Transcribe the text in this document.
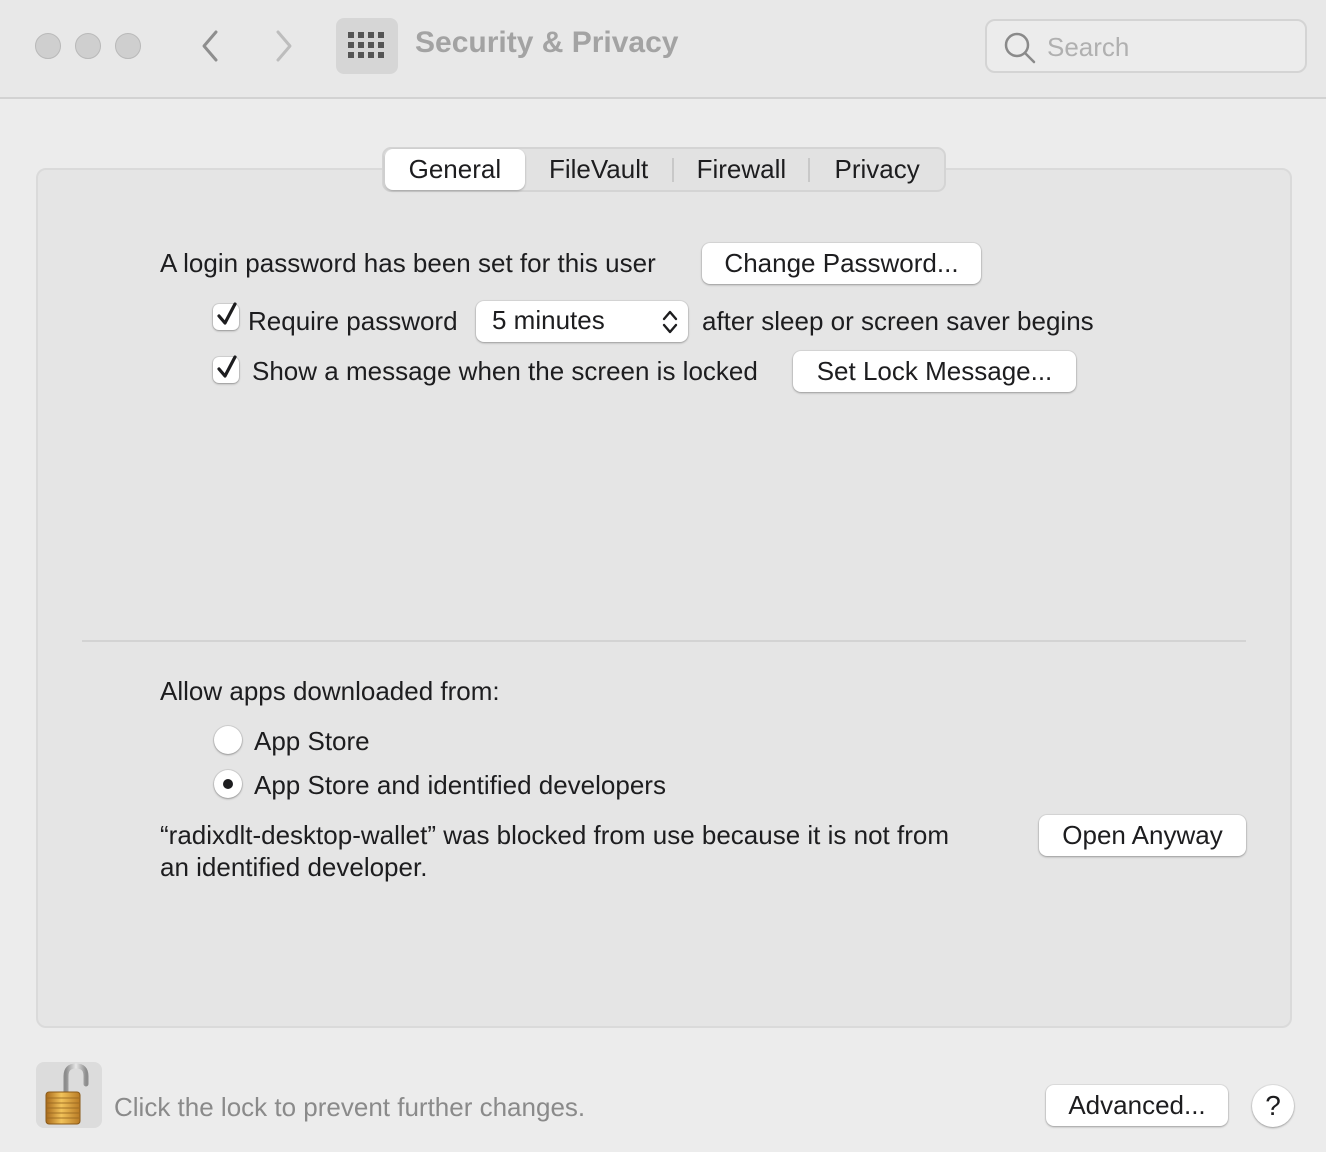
Security & Privacy
Search
General	FileVault	Firewall	Privacy
A login password has been set for this user	Change Password...
Require password 5 minutes	after sleep or screen saver begins
Show a message when the screen is locked	Set Lock Message...
Allow apps downloaded from:
App Store
App Store and identified developers
“radixdlt-desktop-wallet” was blocked from use because it is not from
an identified developer.
Open Anyway
Click the lock to prevent further changes.	Advanced...	?
